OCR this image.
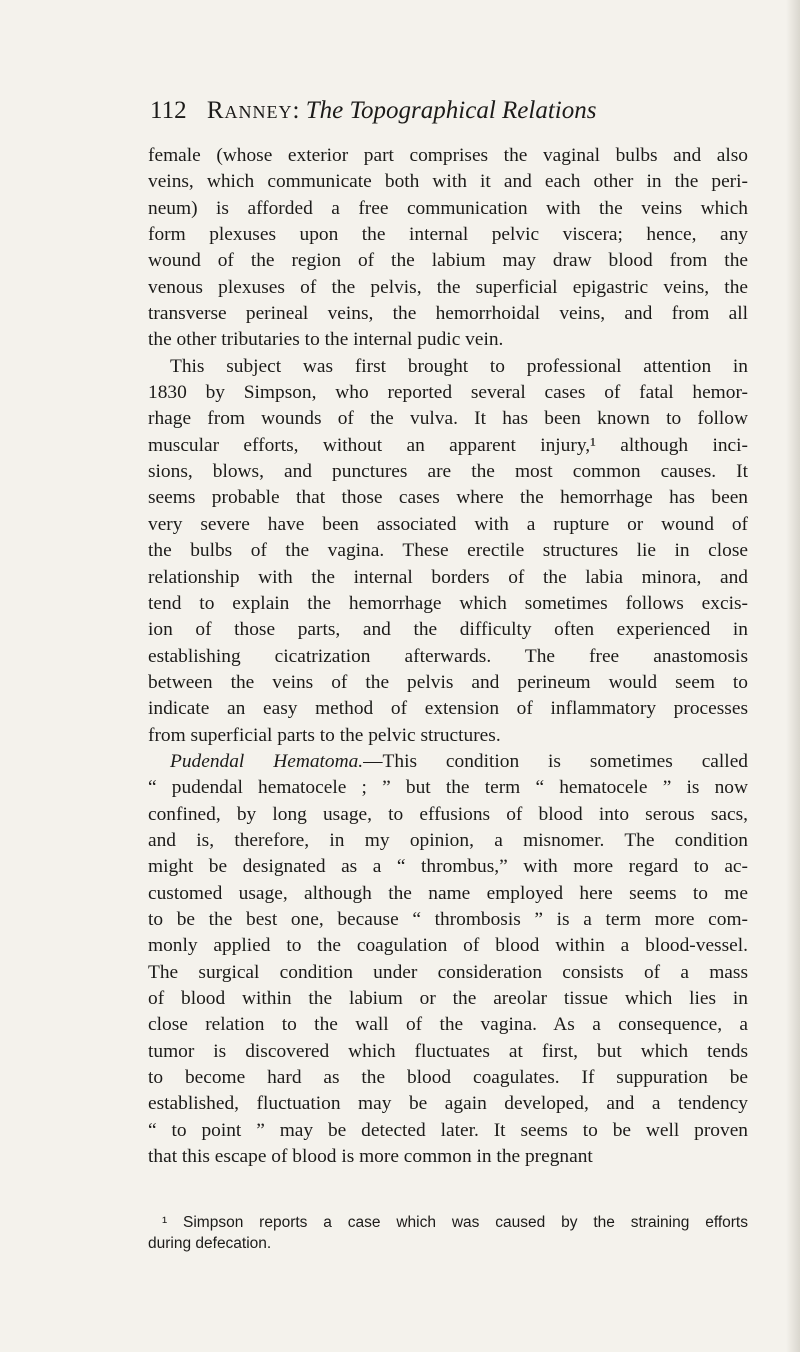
112 Ranney: The Topographical Relations
female (whose exterior part comprises the vaginal bulbs and also
veins, which communicate both with it and each other in the peri-
neum) is afforded a free communication with the veins which
form plexuses upon the internal pelvic viscera; hence, any
wound of the region of the labium may draw blood from the
venous plexuses of the pelvis, the superficial epigastric veins, the
transverse perineal veins, the hemorrhoidal veins, and from all
the other tributaries to the internal pudic vein.
This subject was first brought to professional attention in
1830 by Simpson, who reported several cases of fatal hemor-
rhage from wounds of the vulva. It has been known to follow
muscular efforts, without an apparent injury,¹ although inci-
sions, blows, and punctures are the most common causes. It
seems probable that those cases where the hemorrhage has been
very severe have been associated with a rupture or wound of
the bulbs of the vagina. These erectile structures lie in close
relationship with the internal borders of the labia minora, and
tend to explain the hemorrhage which sometimes follows excis-
ion of those parts, and the difficulty often experienced in
establishing cicatrization afterwards. The free anastomosis
between the veins of the pelvis and perineum would seem to
indicate an easy method of extension of inflammatory processes
from superficial parts to the pelvic structures.
Pudendal Hematoma.—This condition is sometimes called
“ pudendal hematocele ; ” but the term “ hematocele ” is now
confined, by long usage, to effusions of blood into serous sacs,
and is, therefore, in my opinion, a misnomer. The condition
might be designated as a “ thrombus,” with more regard to ac-
customed usage, although the name employed here seems to me
to be the best one, because “ thrombosis ” is a term more com-
monly applied to the coagulation of blood within a blood-vessel.
The surgical condition under consideration consists of a mass
of blood within the labium or the areolar tissue which lies in
close relation to the wall of the vagina. As a consequence, a
tumor is discovered which fluctuates at first, but which tends
to become hard as the blood coagulates. If suppuration be
established, fluctuation may be again developed, and a tendency
“ to point ” may be detected later. It seems to be well proven
that this escape of blood is more common in the pregnant
¹ Simpson reports a case which was caused by the straining efforts
during defecation.
